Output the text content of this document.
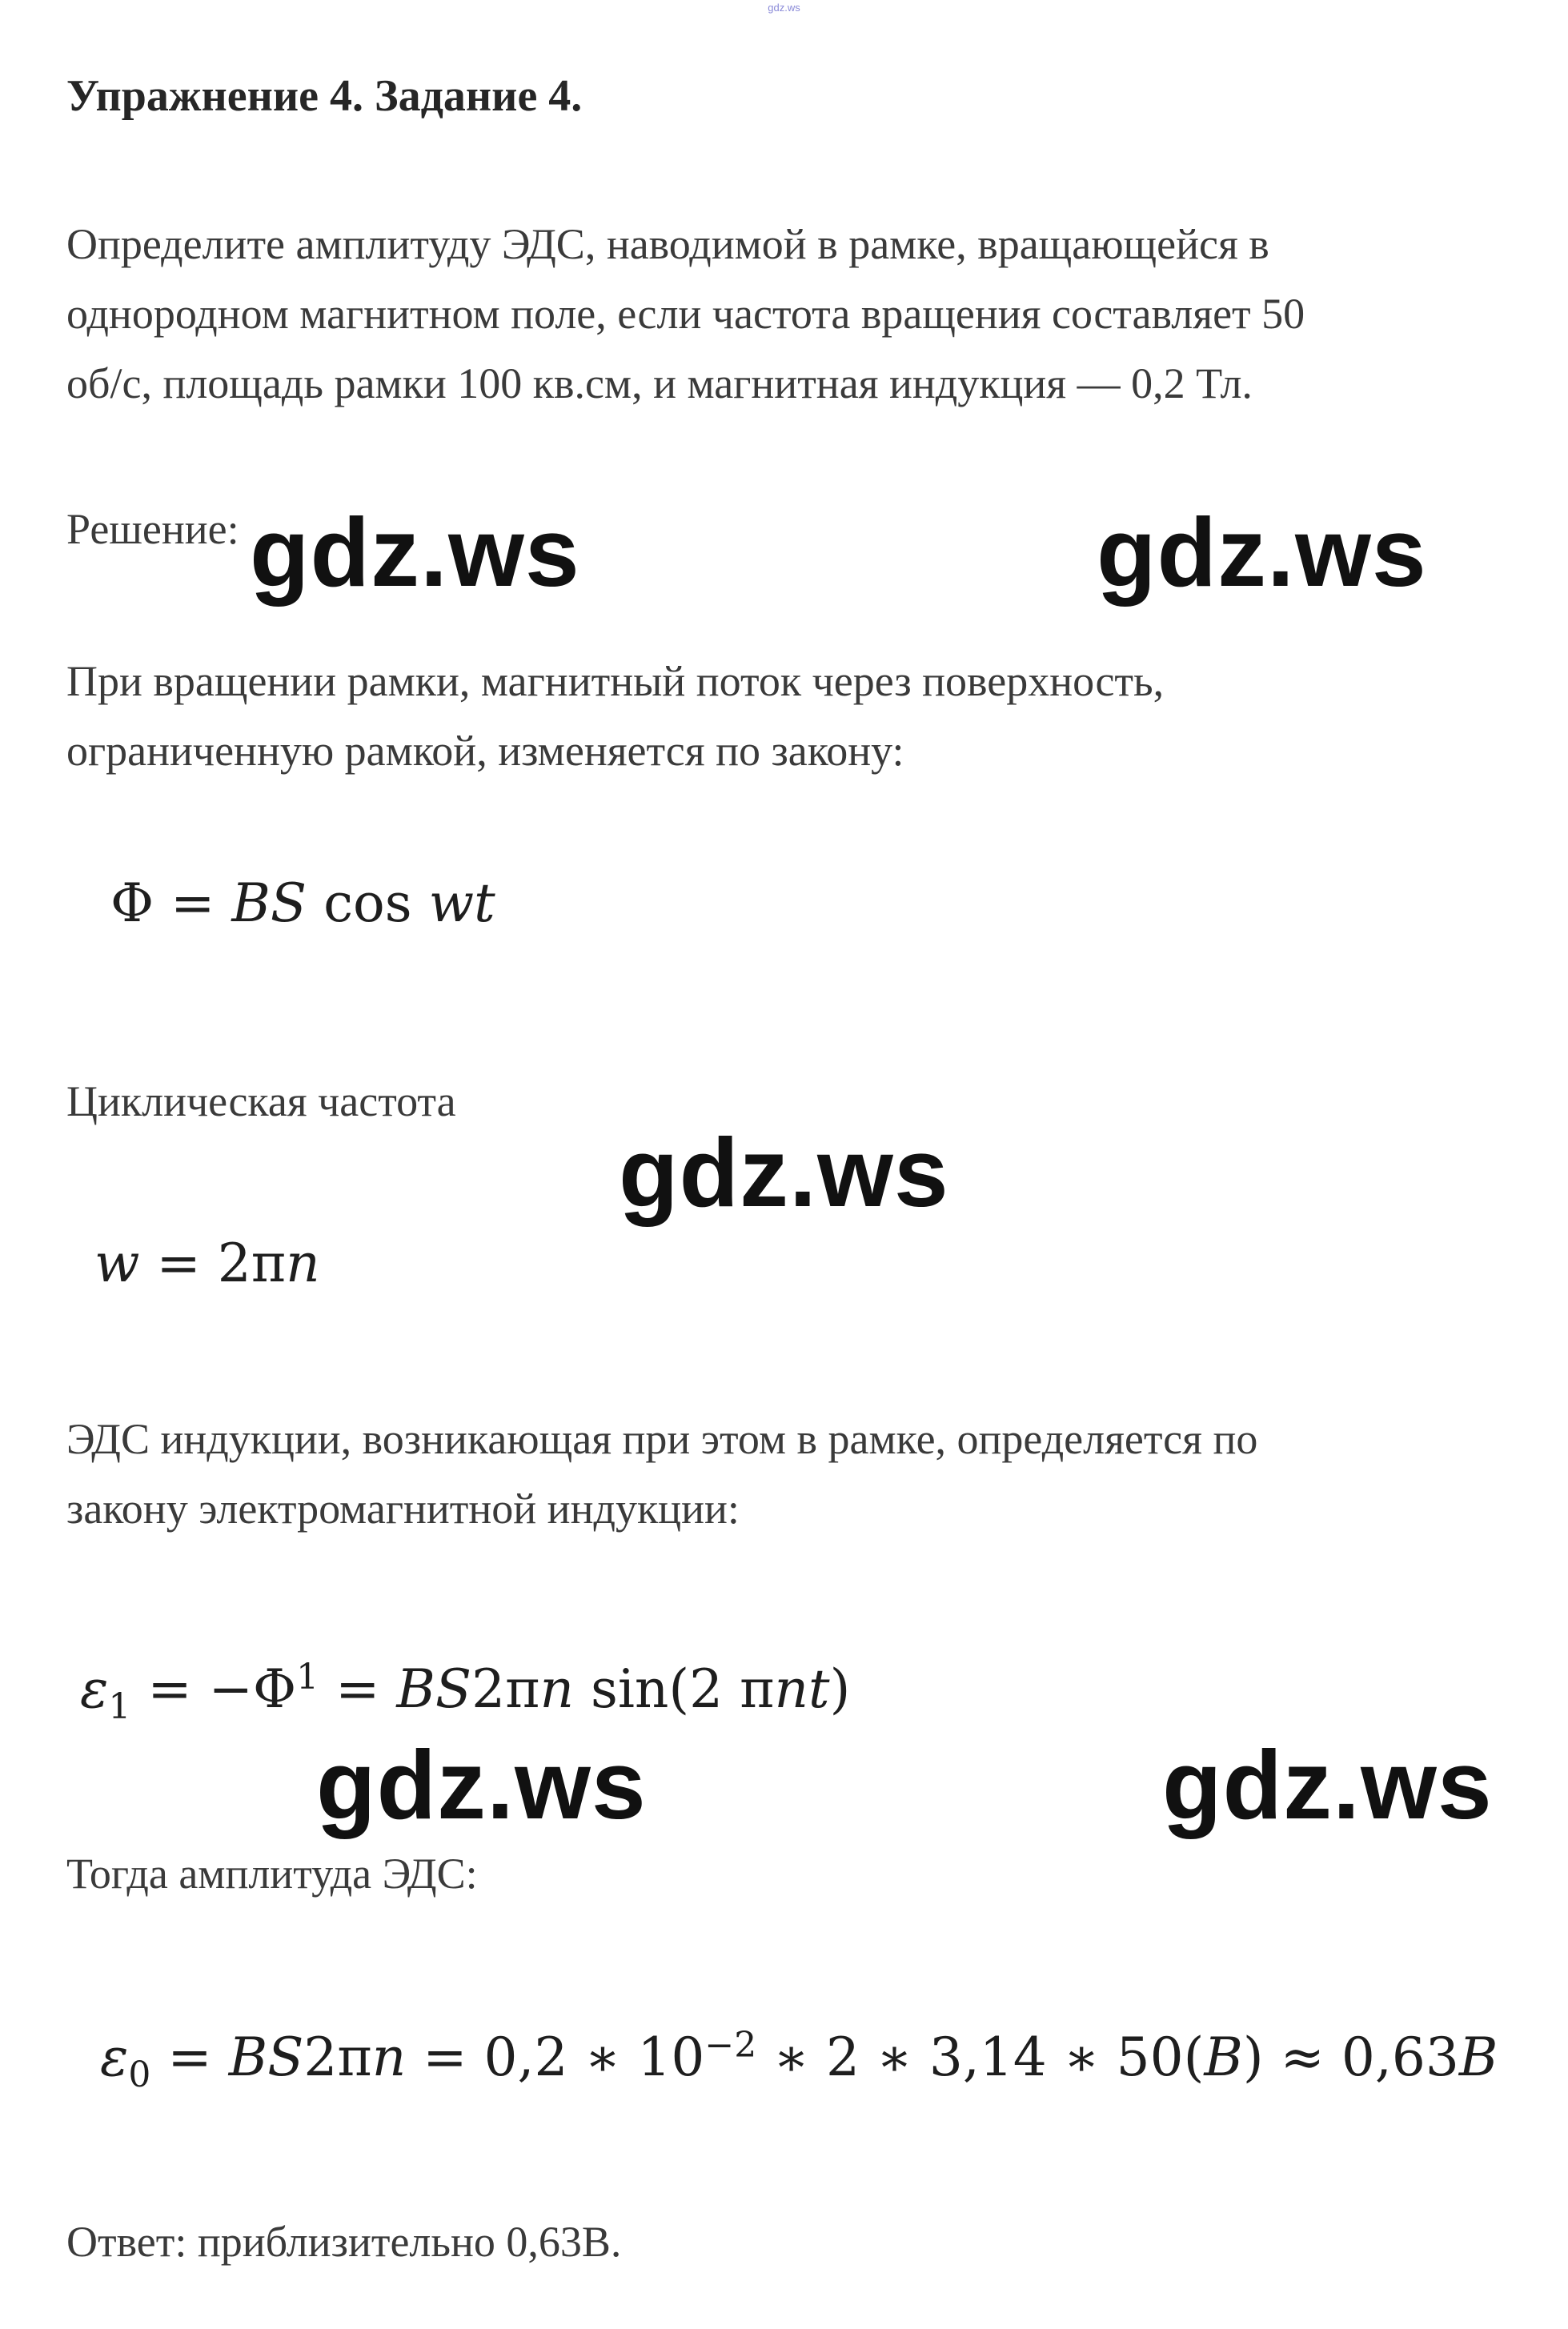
gdz.ws
Упражнение 4. Задание 4.
Определите амплитуду ЭДС, наводимой в рамке, вращающейся в
однородном магнитном поле, если частота вращения составляет 50
об/с, площадь рамки 100 кв.см, и магнитная индукция — 0,2 Тл.
Решение:
При вращении рамки, магнитный поток через поверхность,
ограниченную рамкой, изменяется по закону:
Φ = BS cos wt
Циклическая частота
w = 2πn
ЭДС индукции, возникающая при этом в рамке, определяется по
закону электромагнитной индукции:
$\varepsilon_1 = -\Phi^1 = BS2\pi n$ sin(2 πnt)
Тогда амплитуда ЭДС:
$\varepsilon_0 = BS2\pi n = 0,2$ ∗ $10^{-2}$ ∗ 2 ∗ 3,14 ∗ 50(B) ≈ 0,63B
Ответ: приблизительно 0,63В.
gdz.ws	gdz.ws
gdz.ws
gdz.ws	gdz.ws
